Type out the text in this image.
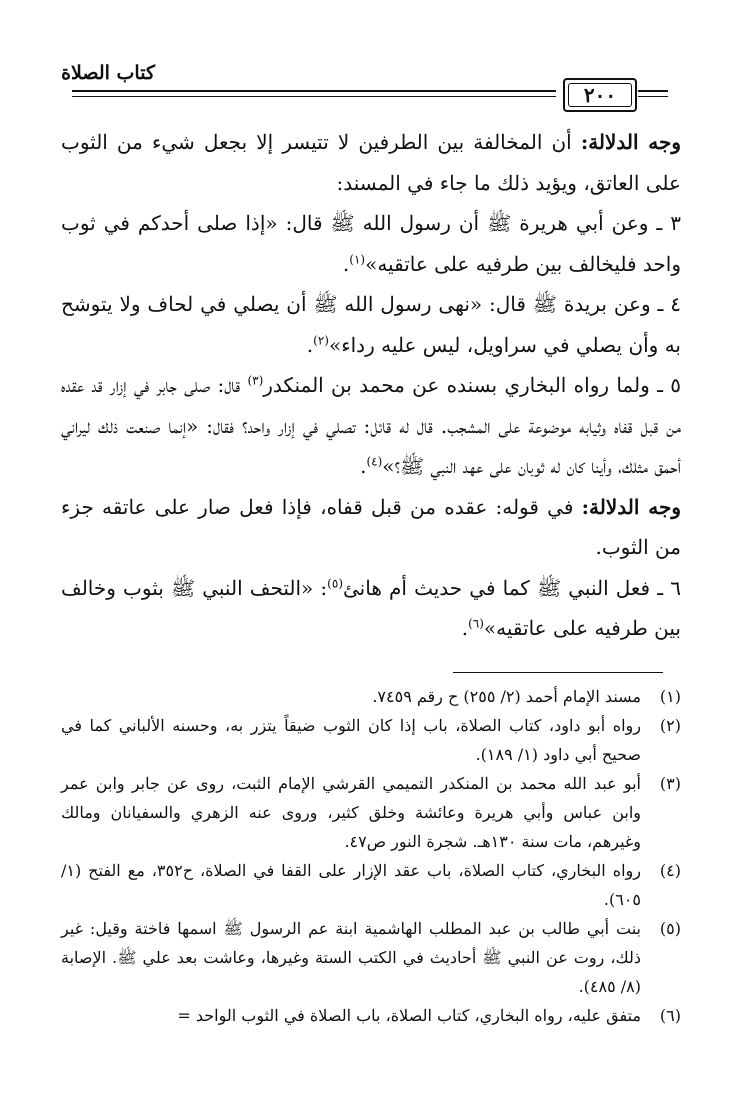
كتاب الصلاة
٢٠٠

وجه الدلالة: أن المخالفة بين الطرفين لا تتيسر إلا بجعل شيء من الثوب على العاتق، ويؤيد ذلك ما جاء في المسند:

٣ ـ وعن أبي هريرة ﷺ أن رسول الله ﷺ قال: «إذا صلى أحدكم في ثوب واحد فليخالف بين طرفيه على عاتقيه»$^{(١)}$.

٤ ـ وعن بريدة ﷺ قال: «نهى رسول الله ﷺ أن يصلي في لحاف ولا يتوشح به وأن يصلي في سراويل، ليس عليه رداء»$^{(٢)}$.

٥ ـ ولما رواه البخاري بسنده عن محمد بن المنكدر$^{(٣)}$ قال: صلى جابر في إزار قد عقده من قبل قفاه وثيابه موضوعة على المشجب. قال له قائل: تصلي في إزار واحد؟ فقال: «إنما صنعت ذلك ليراني أحمق مثلك، وأينا كان له ثوبان على عهد النبي ﷺ؟»$^{(٤)}$.

وجه الدلالة: في قوله: عقده من قبل قفاه، فإذا فعل صار على عاتقه جزء من الثوب.

٦ ـ فعل النبي ﷺ كما في حديث أم هانئ$^{(٥)}$: «التحف النبي ﷺ بثوب وخالف بين طرفيه على عاتقيه»$^{(٦)}$.

(١)
مسند الإمام أحمد (٢/ ٢٥٥) ح رقم ٧٤٥٩.

(٢)
رواه أبو داود، كتاب الصلاة، باب إذا كان الثوب ضيقاً يتزر به، وحسنه الألباني كما في صحيح أبي داود (١/ ١٨٩).

(٣)
أبو عبد الله محمد بن المنكدر التميمي القرشي الإمام الثبت، روى عن جابر وابن عمر وابن عباس وأبي هريرة وعائشة وخلق كثير، وروى عنه الزهري والسفيانان ومالك وغيرهم، مات سنة ١٣٠هـ. شجرة النور ص٤٧.

(٤)
رواه البخاري، كتاب الصلاة، باب عقد الإزار على القفا في الصلاة، ح٣٥٢، مع الفتح (١/ ٦٠٥).

(٥)
بنت أبي طالب بن عبد المطلب الهاشمية ابنة عم الرسول ﷺ اسمها فاختة وقيل: غير ذلك، روت عن النبي ﷺ أحاديث في الكتب الستة وغيرها، وعاشت بعد علي ﷺ. الإصابة (٨/ ٤٨٥).

(٦)
متفق عليه، رواه البخاري، كتاب الصلاة، باب الصلاة في الثوب الواحد =
